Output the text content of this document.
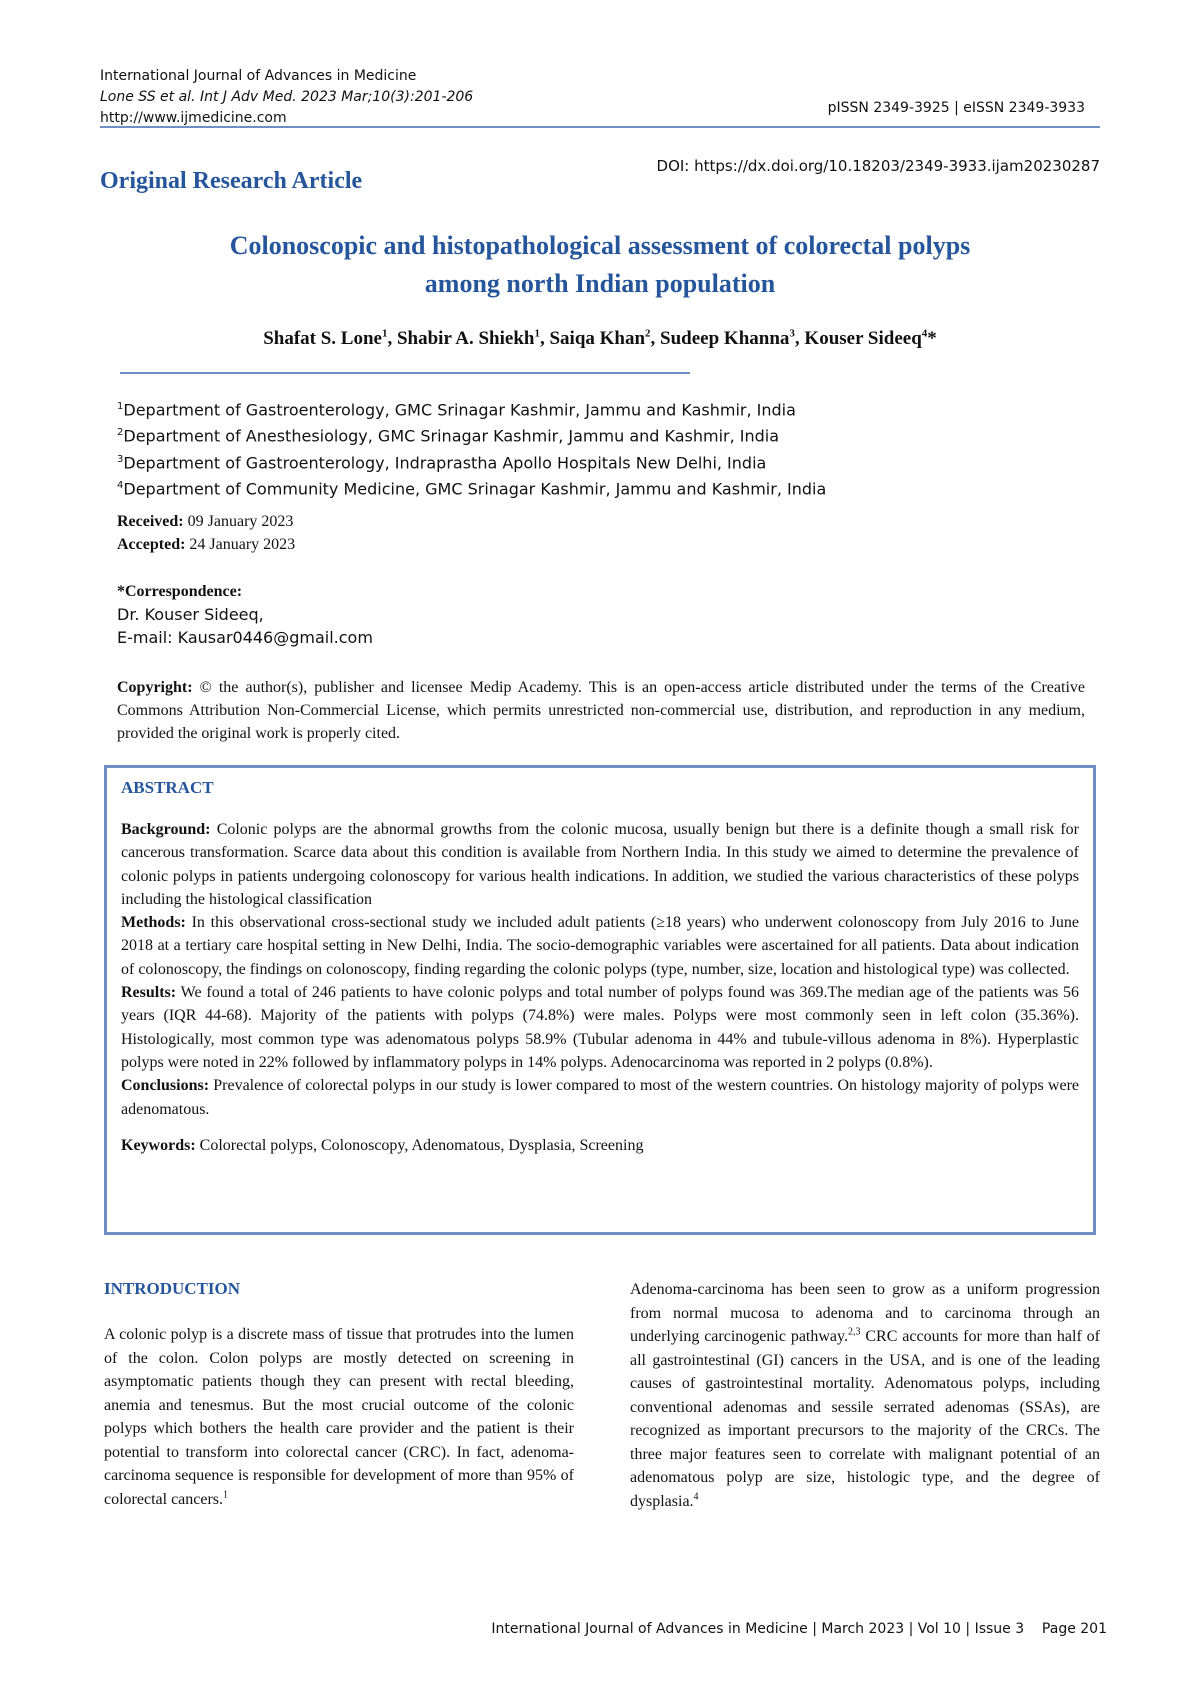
International Journal of Advances in Medicine
Lone SS et al. Int J Adv Med. 2023 Mar;10(3):201-206
http://www.ijmedicine.com
pISSN 2349-3925 | eISSN 2349-3933
Original Research Article
DOI: https://dx.doi.org/10.18203/2349-3933.ijam20230287
Colonoscopic and histopathological assessment of colorectal polyps
among north Indian population
Shafat S. Lone$^1$, Shabir A. Shiekh$^1$, Saiqa Khan$^2$, Sudeep Khanna$^3$, Kouser Sideeq$^4$*
$^1$Department of Gastroenterology, GMC Srinagar Kashmir, Jammu and Kashmir, India
$^2$Department of Anesthesiology, GMC Srinagar Kashmir, Jammu and Kashmir, India
$^3$Department of Gastroenterology, Indraprastha Apollo Hospitals New Delhi, India
$^4$Department of Community Medicine, GMC Srinagar Kashmir, Jammu and Kashmir, India
Received: 09 January 2023
Accepted: 24 January 2023
*Correspondence:
Dr. Kouser Sideeq,
E-mail: Kausar0446@gmail.com
Copyright: © the author(s), publisher and licensee Medip Academy. This is an open-access article distributed under the terms of the Creative Commons Attribution Non-Commercial License, which permits unrestricted non-commercial use, distribution, and reproduction in any medium, provided the original work is properly cited.
ABSTRACT

Background: Colonic polyps are the abnormal growths from the colonic mucosa, usually benign but there is a definite though a small risk for cancerous transformation. Scarce data about this condition is available from Northern India. In this study we aimed to determine the prevalence of colonic polyps in patients undergoing colonoscopy for various health indications. In addition, we studied the various characteristics of these polyps including the histological classification

Methods: In this observational cross-sectional study we included adult patients (≥18 years) who underwent colonoscopy from July 2016 to June 2018 at a tertiary care hospital setting in New Delhi, India. The socio-demographic variables were ascertained for all patients. Data about indication of colonoscopy, the findings on colonoscopy, finding regarding the colonic polyps (type, number, size, location and histological type) was collected.

Results: We found a total of 246 patients to have colonic polyps and total number of polyps found was 369.The median age of the patients was 56 years (IQR 44-68). Majority of the patients with polyps (74.8%) were males. Polyps were most commonly seen in left colon (35.36%). Histologically, most common type was adenomatous polyps 58.9% (Tubular adenoma in 44% and tubule-villous adenoma in 8%). Hyperplastic polyps were noted in 22% followed by inflammatory polyps in 14% polyps. Adenocarcinoma was reported in 2 polyps (0.8%).

Conclusions: Prevalence of colorectal polyps in our study is lower compared to most of the western countries. On histology majority of polyps were adenomatous.

Keywords: Colorectal polyps, Colonoscopy, Adenomatous, Dysplasia, Screening
INTRODUCTION
A colonic polyp is a discrete mass of tissue that protrudes into the lumen of the colon. Colon polyps are mostly detected on screening in asymptomatic patients though they can present with rectal bleeding, anemia and tenesmus. But the most crucial outcome of the colonic polyps which bothers the health care provider and the patient is their potential to transform into colorectal cancer (CRC). In fact, adenoma-carcinoma sequence is responsible for development of more than 95% of colorectal cancers.$^1$
Adenoma-carcinoma has been seen to grow as a uniform progression from normal mucosa to adenoma and to carcinoma through an underlying carcinogenic pathway.$^{2,3}$ CRC accounts for more than half of all gastrointestinal (GI) cancers in the USA, and is one of the leading causes of gastrointestinal mortality. Adenomatous polyps, including conventional adenomas and sessile serrated adenomas (SSAs), are recognized as important precursors to the majority of the CRCs. The three major features seen to correlate with malignant potential of an adenomatous polyp are size, histologic type, and the degree of dysplasia.$^4$
International Journal of Advances in Medicine | March 2023 | Vol 10 | Issue 3    Page 201
